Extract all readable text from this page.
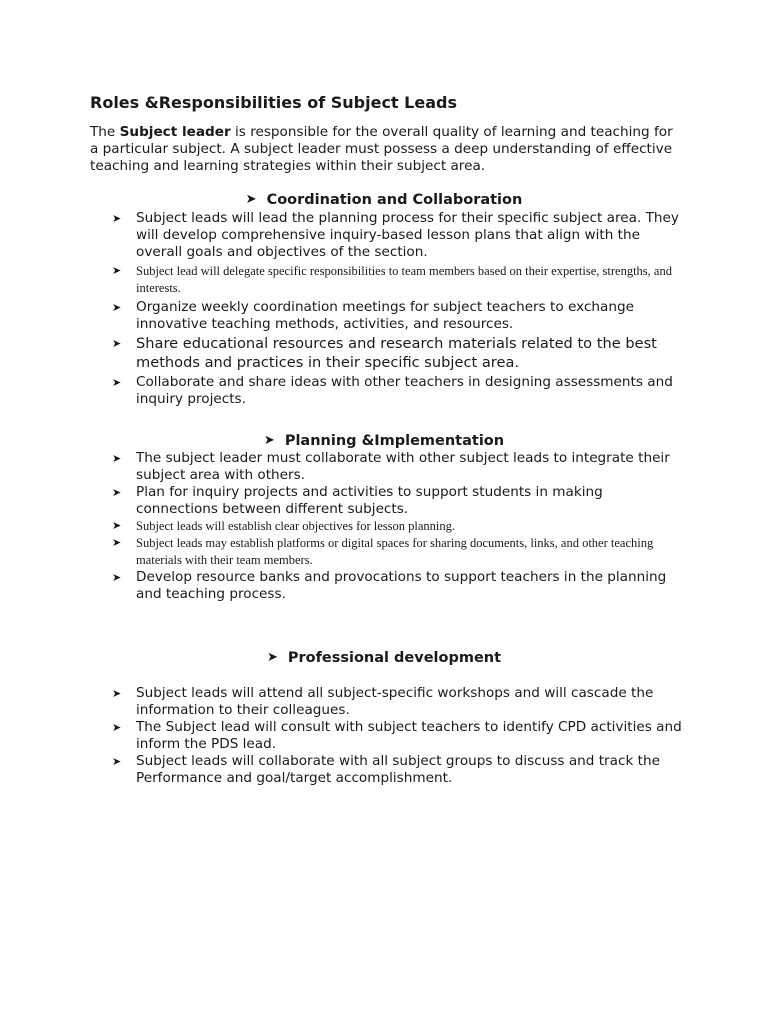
Roles &Responsibilities of Subject Leads

The Subject leader is responsible for the overall quality of learning and teaching for a particular subject. A subject leader must possess a deep understanding of effective teaching and learning strategies within their subject area.

➤ Coordination and Collaboration
➤ Subject leads will lead the planning process for their specific subject area. They will develop comprehensive inquiry-based lesson plans that align with the overall goals and objectives of the section.
➤ Subject lead will delegate specific responsibilities to team members based on their expertise, strengths, and interests.
➤ Organize weekly coordination meetings for subject teachers to exchange innovative teaching methods, activities, and resources.
➤ Share educational resources and research materials related to the best methods and practices in their specific subject area.
➤ Collaborate and share ideas with other teachers in designing assessments and inquiry projects.
➤ Planning &Implementation
➤ The subject leader must collaborate with other subject leads to integrate their subject area with others.
➤ Plan for inquiry projects and activities to support students in making connections between different subjects.
➤ Subject leads will establish clear objectives for lesson planning.
➤ Subject leads may establish platforms or digital spaces for sharing documents, links, and other teaching materials with their team members.
➤ Develop resource banks and provocations to support teachers in the planning and teaching process.
➤ Professional development
➤ Subject leads will attend all subject-specific workshops and will cascade the information to their colleagues.
➤ The Subject lead will consult with subject teachers to identify CPD activities and inform the PDS lead.
➤ Subject leads will collaborate with all subject groups to discuss and track the Performance and goal/target accomplishment.
